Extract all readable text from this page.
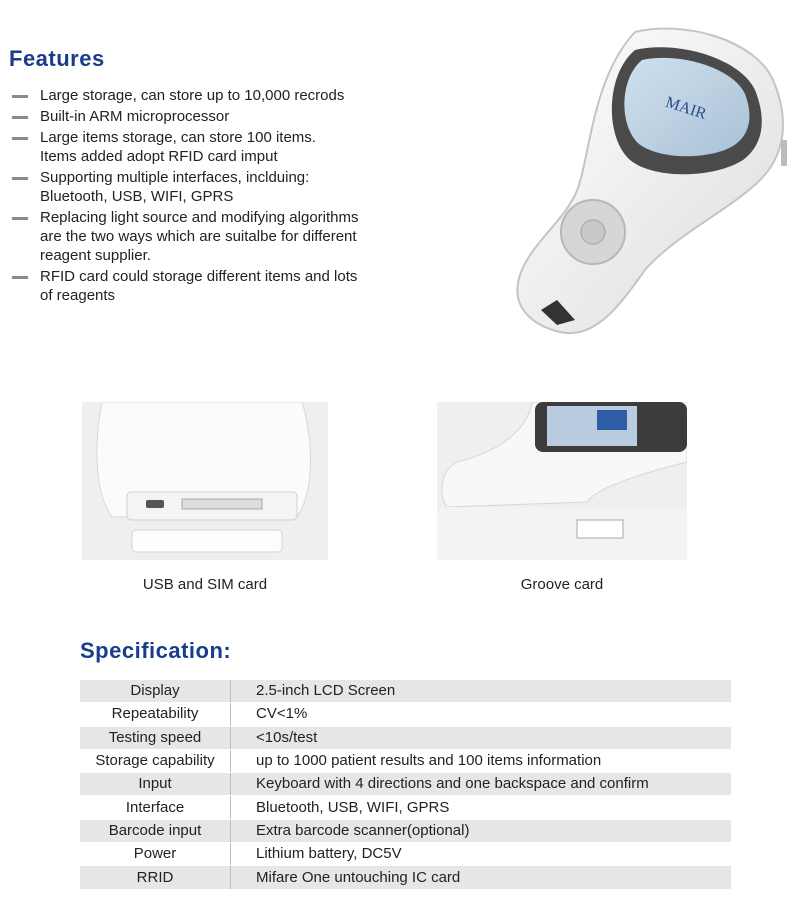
Features
Large storage, can store up to 10,000 recrods
Built-in ARM microprocessor
Large items storage, can store 100 items.
Items added adopt RFID card imput
Supporting multiple interfaces, inclduing:
Bluetooth, USB, WIFI, GPRS
Replacing light source and modifying algorithms
are the two ways which are suitalbe for different
reagent supplier.
RFID card could storage different items and lots
of reagents
MAIR
USB and SIM card	Groove card
Specification:
Display	2.5-inch LCD Screen
Repeatability	CV<1%
Testing speed	<10s/test
Storage capability	up to 1000 patient results and 100 items information
Input	Keyboard with 4 directions and one backspace and confirm
Interface	Bluetooth, USB, WIFI, GPRS
Barcode input	Extra barcode scanner(optional)
Power	Lithium battery, DC5V
RRID	Mifare One untouching IC card
